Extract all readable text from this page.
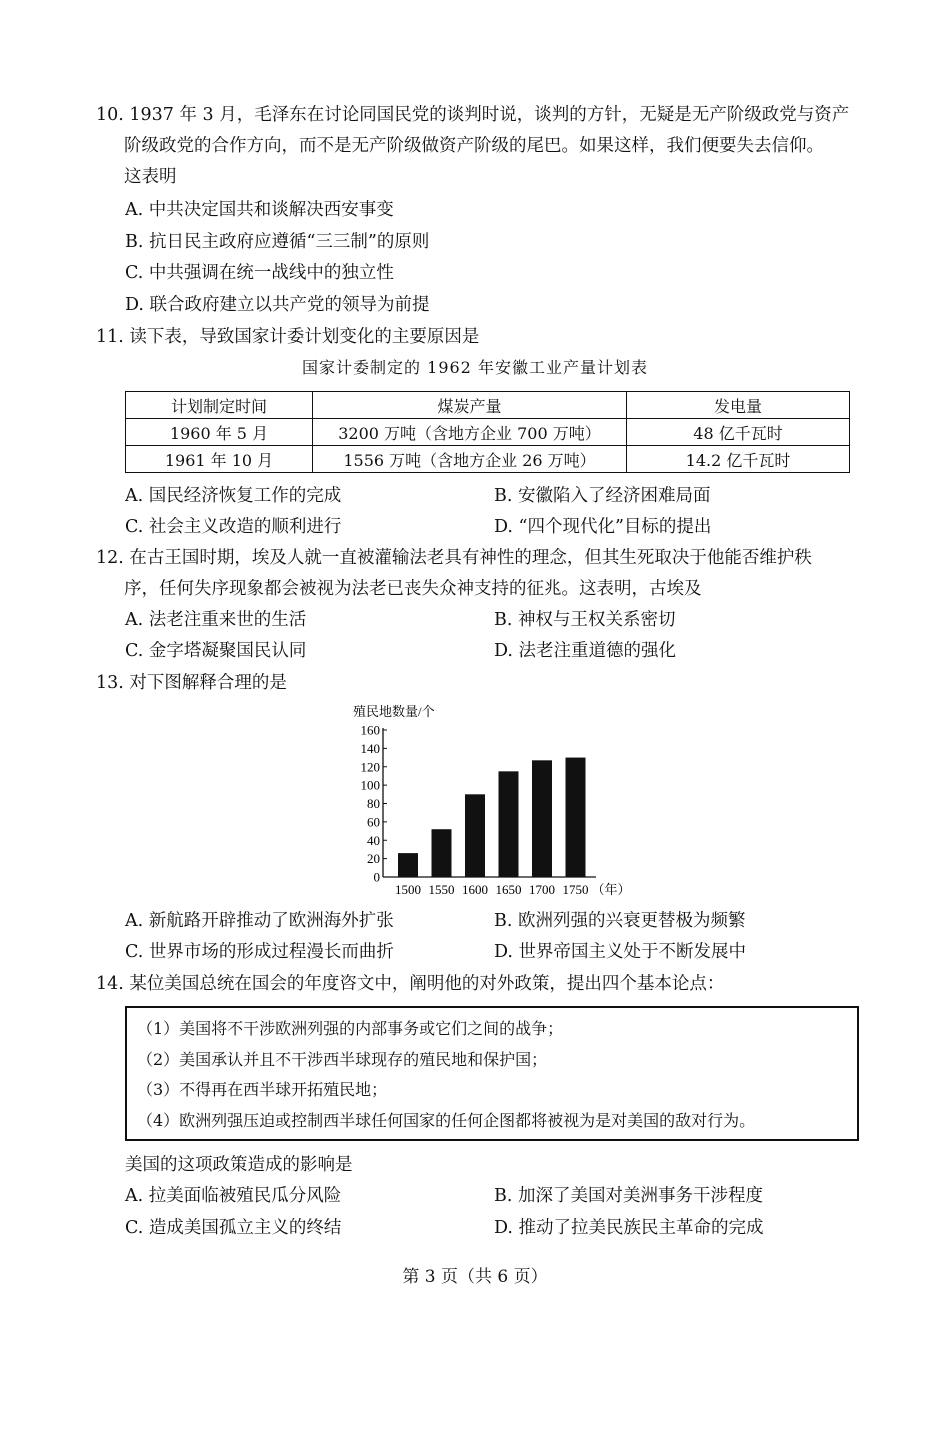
10. 1937 年 3 月，毛泽东在讨论同国民党的谈判时说，谈判的方针，无疑是无产阶级政党与资产
阶级政党的合作方向，而不是无产阶级做资产阶级的尾巴。如果这样，我们便要失去信仰。
这表明
A. 中共决定国共和谈解决西安事变
B. 抗日民主政府应遵循“三三制”的原则
C. 中共强调在统一战线中的独立性
D. 联合政府建立以共产党的领导为前提
11. 读下表，导致国家计委计划变化的主要原因是
国家计委制定的 1962 年安徽工业产量计划表
计划制定时间	煤炭产量	发电量
1960 年 5 月	3200 万吨（含地方企业 700 万吨）	48 亿千瓦时
1961 年 10 月	1556 万吨（含地方企业 26 万吨）	14.2 亿千瓦时
A. 国民经济恢复工作的完成	B. 安徽陷入了经济困难局面
C. 社会主义改造的顺利进行	D. “四个现代化”目标的提出
12. 在古王国时期，埃及人就一直被灌输法老具有神性的理念，但其生死取决于他能否维护秩
序，任何失序现象都会被视为法老已丧失众神支持的征兆。这表明，古埃及
A. 法老注重来世的生活	B. 神权与王权关系密切
C. 金字塔凝聚国民认同	D. 法老注重道德的强化
13. 对下图解释合理的是
殖民地数量/个
0
20
40
60
80
100
120
140
160
1500 1550 1600 1650 1700 1750 （年）
A. 新航路开辟推动了欧洲海外扩张	B. 欧洲列强的兴衰更替极为频繁
C. 世界市场的形成过程漫长而曲折	D. 世界帝国主义处于不断发展中
14. 某位美国总统在国会的年度咨文中，阐明他的对外政策，提出四个基本论点：
（1）美国将不干涉欧洲列强的内部事务或它们之间的战争；
（2）美国承认并且不干涉西半球现存的殖民地和保护国；
（3）不得再在西半球开拓殖民地；
（4）欧洲列强压迫或控制西半球任何国家的任何企图都将被视为是对美国的敌对行为。
美国的这项政策造成的影响是
A. 拉美面临被殖民瓜分风险	B. 加深了美国对美洲事务干涉程度
C. 造成美国孤立主义的终结	D. 推动了拉美民族民主革命的完成
第 3 页（共 6 页）
